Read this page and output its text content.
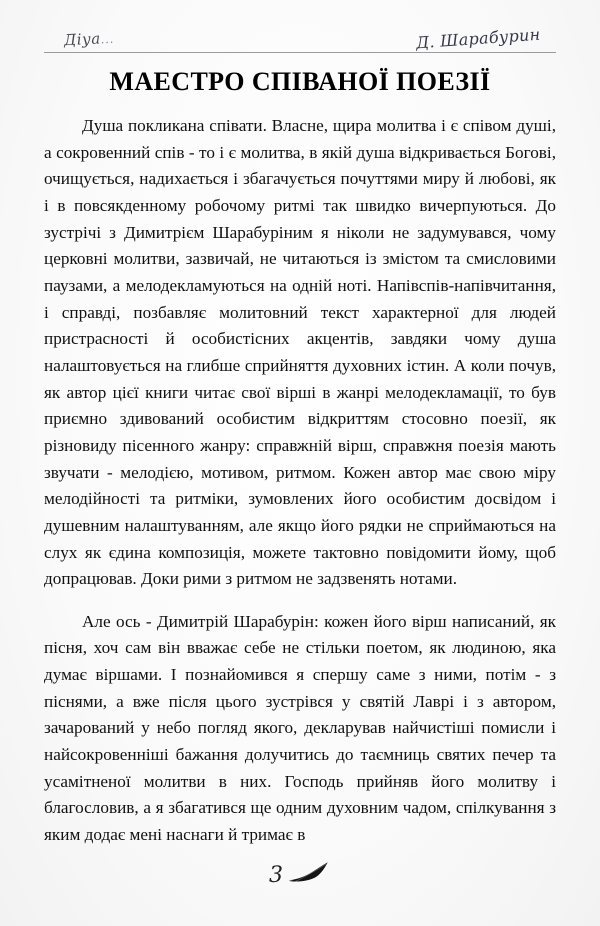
Діуа...	Д. Шарабурин
МАЕСТРО СПІВАНОЇ ПОЕЗІЇ

Душа покликана співати. Власне, щира молитва і є співом душі, а сокровенний спів - то і є молитва, в якій душа відкривається Богові, очищується, надихається і збагачується почуттями миру й любові, як і в повсякденному робочому ритмі так швидко вичерпуються. До зустрічі з Димитрієм Шарабуріним я ніколи не задумувався, чому церковні молитви, зазвичай, не читаються із змістом та смисловими паузами, а мелодекламуються на одній ноті. Напівспів-напівчитання, і справді, позбавляє молитовний текст характерної для людей пристрасності й особистісних акцентів, завдяки чому душа налаштовується на глибше сприйняття духовних істин. А коли почув, як автор цієї книги читає свої вірші в жанрі мелодекламації, то був приємно здивований особистим відкриттям стосовно поезії, як різновиду пісенного жанру: справжній вірш, справжня поезія мають звучати - мелодією, мотивом, ритмом. Кожен автор має свою міру мелодійності та ритміки, зумовлених його особистим досвідом і душевним налаштуванням, але якщо його рядки не сприймаються на слух як єдина композиція, можете тактовно повідомити йому, щоб допрацював. Доки рими з ритмом не задзвенять нотами.

Але ось - Димитрій Шарабурін: кожен його вірш написаний, як пісня, хоч сам він вважає себе не стільки поетом, як людиною, яка думає віршами. І познайомився я спершу саме з ними, потім - з піснями, а вже після цього зустрівся у святій Лаврі і з автором, зачарований у небо погляд якого, декларував найчистіші помисли і найсокровенніші бажання долучитись до таємниць святих печер та усамітненої молитви в них. Господь прийняв його молитву і благословив, а я збагатився ще одним духовним чадом, спілкування з яким додає мені наснаги й тримає в

3
